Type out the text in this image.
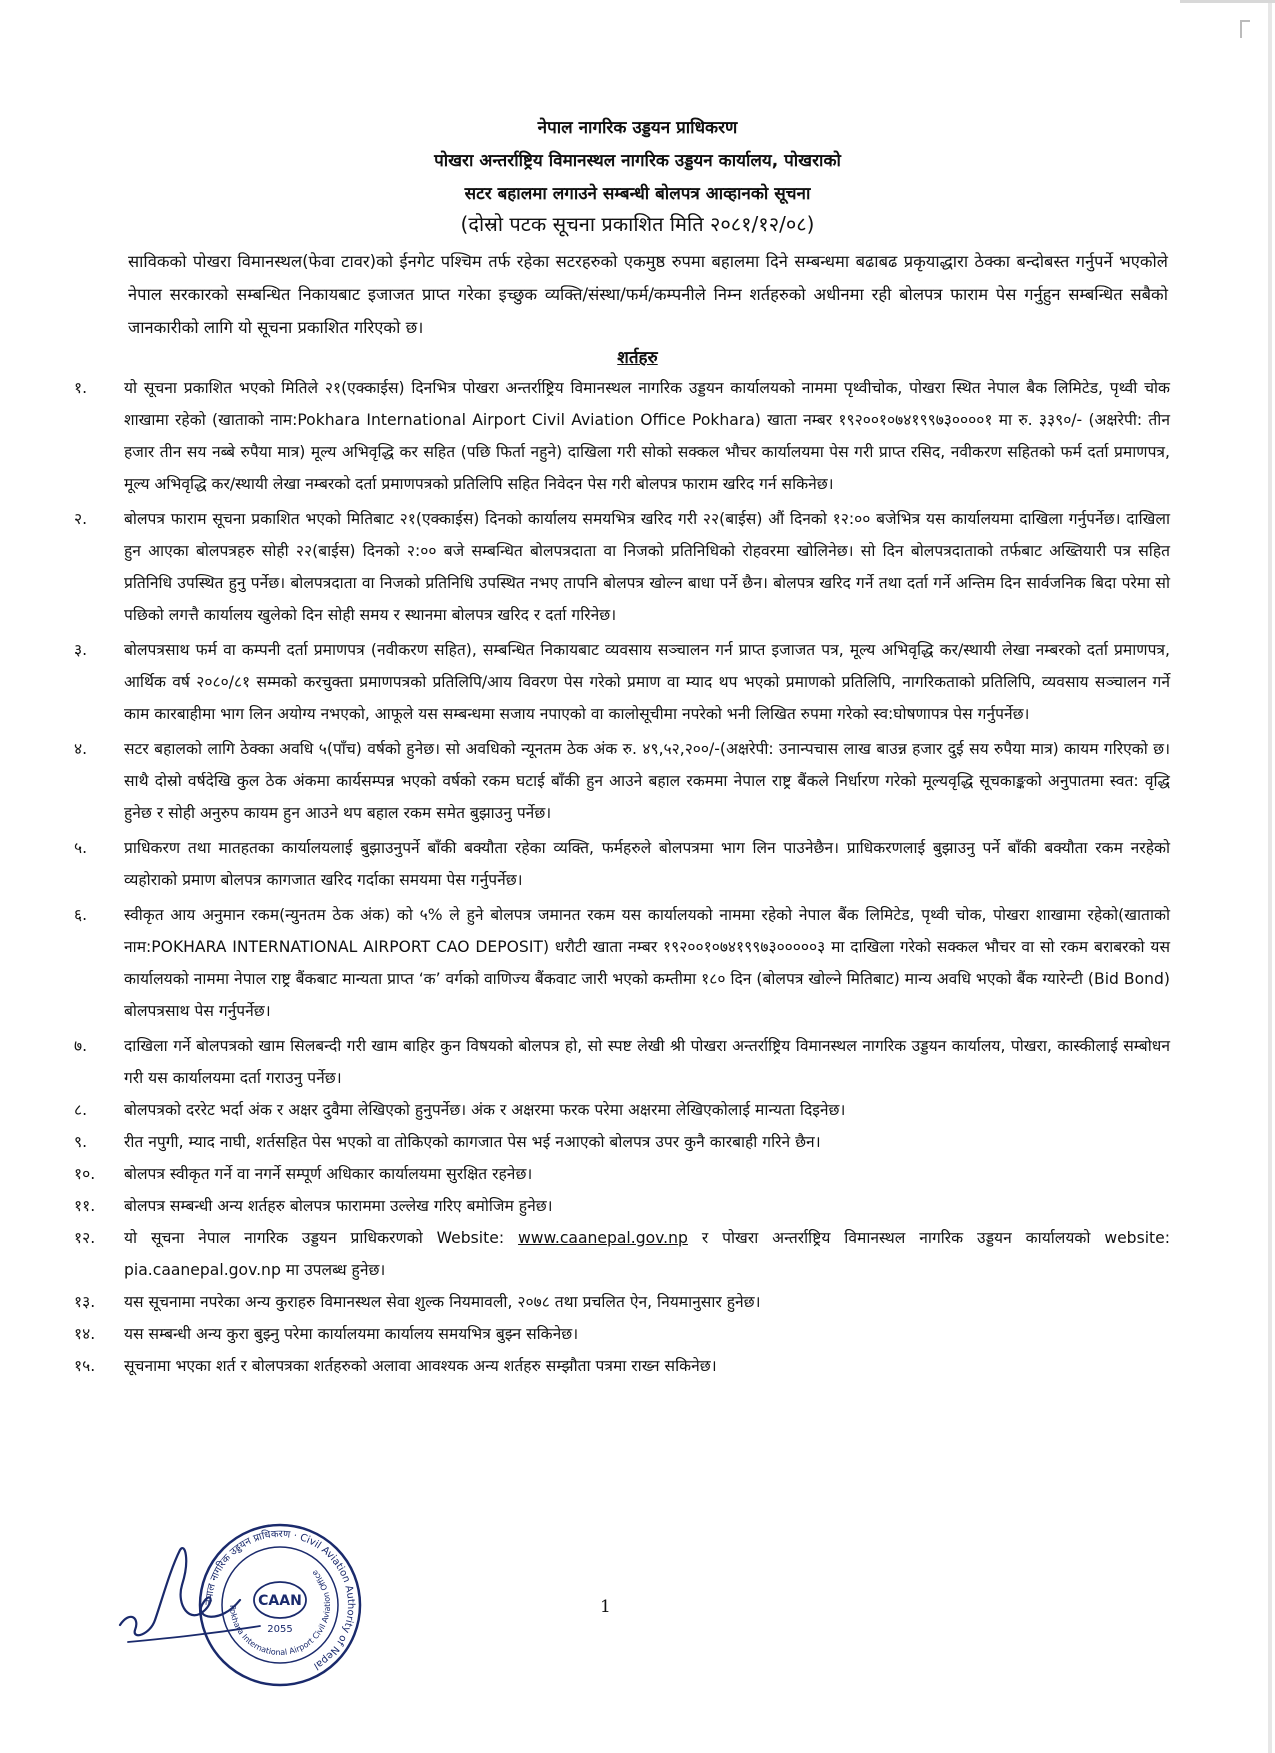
नेपाल नागरिक उड्डयन प्राधिकरण
पोखरा अन्तर्राष्ट्रिय विमानस्थल नागरिक उड्डयन कार्यालय, पोखराको
सटर बहालमा लगाउने सम्बन्धी बोलपत्र आव्हानको सूचना
(दोस्रो पटक सूचना प्रकाशित मिति २०८१/१२/०८)
साविकको पोखरा विमानस्थल(फेवा टावर)को ईनगेट पश्चिम तर्फ रहेका सटरहरुको एकमुष्ठ रुपमा बहालमा दिने सम्बन्धमा बढाबढ प्रकृयाद्धारा ठेक्का बन्दोबस्त गर्नुपर्ने भएकोले नेपाल सरकारको सम्बन्धित निकायबाट इजाजत प्राप्त गरेका इच्छुक व्यक्ति/संस्था/फर्म/कम्पनीले निम्न शर्तहरुको अधीनमा रही बोलपत्र फाराम पेस गर्नुहुन सम्बन्धित सबैको जानकारीको लागि यो सूचना प्रकाशित गरिएको छ।
शर्तहरु
१.	यो सूचना प्रकाशित भएको मितिले २१(एक्काईस) दिनभित्र पोखरा अन्तर्राष्ट्रिय विमानस्थल नागरिक उड्डयन कार्यालयको नाममा पृथ्वीचोक, पोखरा स्थित नेपाल बैक लिमिटेड, पृथ्वी चोक शाखामा रहेको (खाताको नाम:Pokhara International Airport Civil Aviation Office Pokhara) खाता नम्बर १९२००१०७४१९९७३००००१ मा रु. ३३९०/- (अक्षरेपी: तीन हजार तीन सय नब्बे रुपैया मात्र) मूल्य अभिवृद्धि कर सहित (पछि फिर्ता नहुने) दाखिला गरी सोको सक्कल भौचर कार्यालयमा पेस गरी प्राप्त रसिद, नवीकरण सहितको फर्म दर्ता प्रमाणपत्र, मूल्य अभिवृद्धि कर/स्थायी लेखा नम्बरको दर्ता प्रमाणपत्रको प्रतिलिपि सहित निवेदन पेस गरी बोलपत्र फाराम खरिद गर्न सकिनेछ।
२.	बोलपत्र फाराम सूचना प्रकाशित भएको मितिबाट २१(एक्काईस) दिनको कार्यालय समयभित्र खरिद गरी २२(बाईस) औं दिनको १२:०० बजेभित्र यस कार्यालयमा दाखिला गर्नुपर्नेछ। दाखिला हुन आएका बोलपत्रहरु सोही २२(बाईस) दिनको २:०० बजे सम्बन्धित बोलपत्रदाता वा निजको प्रतिनिधिको रोहवरमा खोलिनेछ। सो दिन बोलपत्रदाताको तर्फबाट अख्तियारी पत्र सहित प्रतिनिधि उपस्थित हुनु पर्नेछ। बोलपत्रदाता वा निजको प्रतिनिधि उपस्थित नभए तापनि बोलपत्र खोल्न बाधा पर्ने छैन। बोलपत्र खरिद गर्ने तथा दर्ता गर्ने अन्तिम दिन सार्वजनिक बिदा परेमा सो पछिको लगत्तै कार्यालय खुलेको दिन सोही समय र स्थानमा बोलपत्र खरिद र दर्ता गरिनेछ।
३.	बोलपत्रसाथ फर्म वा कम्पनी दर्ता प्रमाणपत्र (नवीकरण सहित), सम्बन्धित निकायबाट व्यवसाय सञ्चालन गर्न प्राप्त इजाजत पत्र, मूल्य अभिवृद्धि कर/स्थायी लेखा नम्बरको दर्ता प्रमाणपत्र, आर्थिक वर्ष २०८०/८१ सम्मको करचुक्ता प्रमाणपत्रको प्रतिलिपि/आय विवरण पेस गरेको प्रमाण वा म्याद थप भएको प्रमाणको प्रतिलिपि, नागरिकताको प्रतिलिपि, व्यवसाय सञ्चालन गर्ने काम कारबाहीमा भाग लिन अयोग्य नभएको, आफूले यस सम्बन्धमा सजाय नपाएको वा कालोसूचीमा नपरेको भनी लिखित रुपमा गरेको स्व:घोषणापत्र पेस गर्नुपर्नेछ।
४.	सटर बहालको लागि ठेक्का अवधि ५(पाँच) वर्षको हुनेछ। सो अवधिको न्यूनतम ठेक अंक रु. ४९,५२,२००/-(अक्षरेपी: उनान्पचास लाख बाउन्न हजार दुई सय रुपैया मात्र) कायम गरिएको छ। साथै दोस्रो वर्षदेखि कुल ठेक अंकमा कार्यसम्पन्न भएको वर्षको रकम घटाई बाँकी हुन आउने बहाल रकममा नेपाल राष्ट्र बैंकले निर्धारण गरेको मूल्यवृद्धि सूचकाङ्कको अनुपातमा स्वत: वृद्धि हुनेछ र सोही अनुरुप कायम हुन आउने थप बहाल रकम समेत बुझाउनु पर्नेछ।
५.	प्राधिकरण तथा मातहतका कार्यालयलाई बुझाउनुपर्ने बाँकी बक्यौता रहेका व्यक्ति, फर्महरुले बोलपत्रमा भाग लिन पाउनेछैन। प्राधिकरणलाई बुझाउनु पर्ने बाँकी बक्यौता रकम नरहेको व्यहोराको प्रमाण बोलपत्र कागजात खरिद गर्दाका समयमा पेस गर्नुपर्नेछ।
६.	स्वीकृत आय अनुमान रकम(न्युनतम ठेक अंक) को ५% ले हुने बोलपत्र जमानत रकम यस कार्यालयको नाममा रहेको नेपाल बैंक लिमिटेड, पृथ्वी चोक, पोखरा शाखामा रहेको(खाताको नाम:POKHARA INTERNATIONAL AIRPORT CAO DEPOSIT) धरौटी खाता नम्बर १९२००१०७४१९९७३०००००३ मा दाखिला गरेको सक्कल भौचर वा सो रकम बराबरको यस कार्यालयको नाममा नेपाल राष्ट्र बैंकबाट मान्यता प्राप्त ‘क’ वर्गको वाणिज्य बैंकवाट जारी भएको कम्तीमा १८० दिन (बोलपत्र खोल्ने मितिबाट) मान्य अवधि भएको बैंक ग्यारेन्टी (Bid Bond) बोलपत्रसाथ पेस गर्नुपर्नेछ।
७.	दाखिला गर्ने बोलपत्रको खाम सिलबन्दी गरी खाम बाहिर कुन विषयको बोलपत्र हो, सो स्पष्ट लेखी श्री पोखरा अन्तर्राष्ट्रिय विमानस्थल नागरिक उड्डयन कार्यालय, पोखरा, कास्कीलाई सम्बोधन गरी यस कार्यालयमा दर्ता गराउनु पर्नेछ।
८.	बोलपत्रको दररेट भर्दा अंक र अक्षर दुवैमा लेखिएको हुनुपर्नेछ। अंक र अक्षरमा फरक परेमा अक्षरमा लेखिएकोलाई मान्यता दिइनेछ।
९.	रीत नपुगी, म्याद नाघी, शर्तसहित पेस भएको वा तोकिएको कागजात पेस भई नआएको बोलपत्र उपर कुनै कारबाही गरिने छैन।
१०.	बोलपत्र स्वीकृत गर्ने वा नगर्ने सम्पूर्ण अधिकार कार्यालयमा सुरक्षित रहनेछ।
११.	बोलपत्र सम्बन्धी अन्य शर्तहरु बोलपत्र फाराममा उल्लेख गरिए बमोजिम हुनेछ।
१२.	यो सूचना नेपाल नागरिक उड्डयन प्राधिकरणको Website: www.caanepal.gov.np र पोखरा अन्तर्राष्ट्रिय विमानस्थल नागरिक उड्डयन कार्यालयको website: pia.caanepal.gov.np मा उपलब्ध हुनेछ।
१३.	यस सूचनामा नपरेका अन्य कुराहरु विमानस्थल सेवा शुल्क नियमावली, २०७८ तथा प्रचलित ऐन, नियमानुसार हुनेछ।
१४.	यस सम्बन्धी अन्य कुरा बुझ्नु परेमा कार्यालयमा कार्यालय समयभित्र बुझ्न सकिनेछ।
१५.	सूचनामा भएका शर्त र बोलपत्रका शर्तहरुको अलावा आवश्यक अन्य शर्तहरु सम्झौता पत्रमा राख्न सकिनेछ।
नेपाल नागरिक उड्डयन प्राधिकरण · Civil Aviation Authority of Nepal
Pokhara International Airport Civil Aviation Office
CAAN
2055
1
